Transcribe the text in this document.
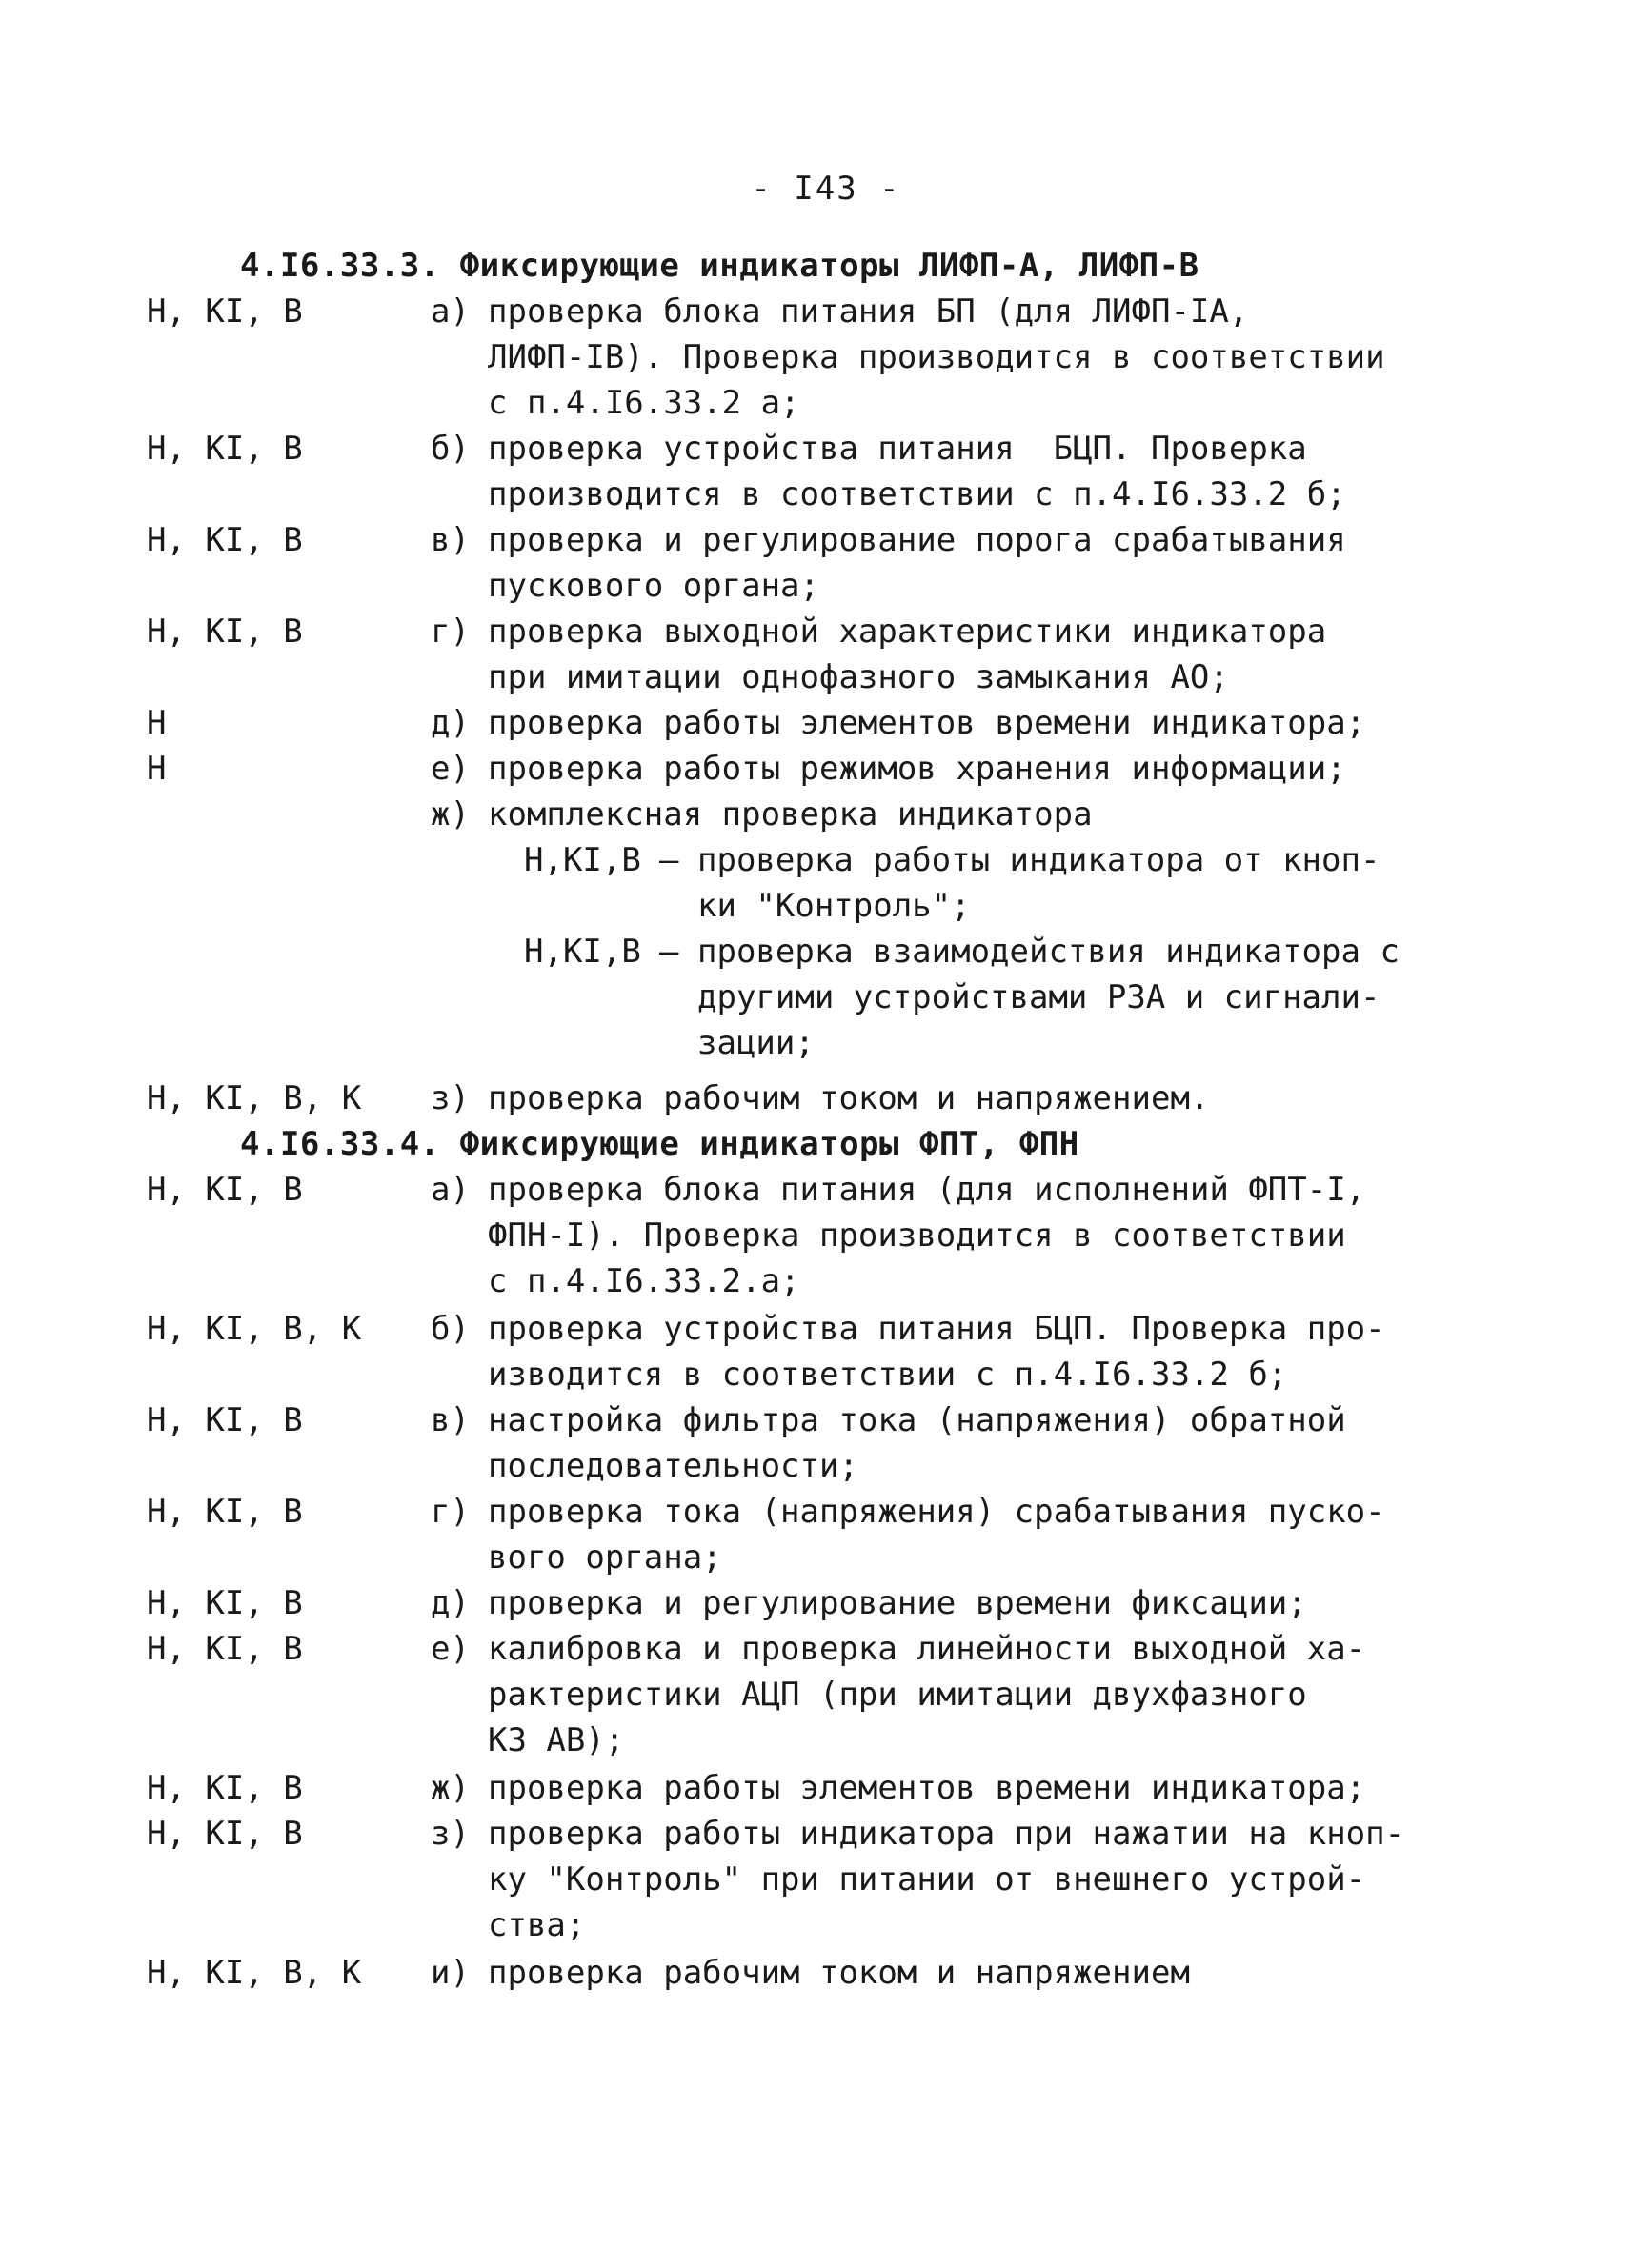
- I43 -
4.I6.33.3. Фиксирующие индикаторы ЛИФП-А, ЛИФП-В
Н, КI, В	а) проверка блока питания БП (для ЛИФП-IА,
ЛИФП-IВ). Проверка производится в соответствии
с п.4.I6.33.2 а;
Н, КI, В	б) проверка устройства питания  БЦП. Проверка
производится в соответствии с п.4.I6.33.2 б;
Н, КI, В	в) проверка и регулирование порога срабатывания
пускового органа;
Н, КI, В	г) проверка выходной характеристики индикатора
при имитации однофазного замыкания АО;
Н	д) проверка работы элементов времени индикатора;
Н	е) проверка работы режимов хранения информации;
ж) комплексная проверка индикатора
Н,КI,В – проверка работы индикатора от кноп-
ки "Контроль";
Н,КI,В – проверка взаимодействия индикатора с
другими устройствами РЗА и сигнали-
зации;
Н, КI, В, К з) проверка рабочим током и напряжением.
4.I6.33.4. Фиксирующие индикаторы ФПТ, ФПН
Н, КI, В	а) проверка блока питания (для исполнений ФПТ-I,
ФПН-I). Проверка производится в соответствии
с п.4.I6.33.2.а;
Н, КI, В, К б) проверка устройства питания БЦП. Проверка про-
изводится в соответствии с п.4.I6.33.2 б;
Н, КI, В	в) настройка фильтра тока (напряжения) обратной
последовательности;
Н, КI, В	г) проверка тока (напряжения) срабатывания пуско-
вого органа;
Н, КI, В	д) проверка и регулирование времени фиксации;
Н, КI, В	е) калибровка и проверка линейности выходной ха-
рактеристики АЦП (при имитации двухфазного
КЗ АВ);
Н, КI, В	ж) проверка работы элементов времени индикатора;
Н, КI, В	з) проверка работы индикатора при нажатии на кноп-
ку "Контроль" при питании от внешнего устрой-
ства;
Н, КI, В, К и) проверка рабочим током и напряжением
